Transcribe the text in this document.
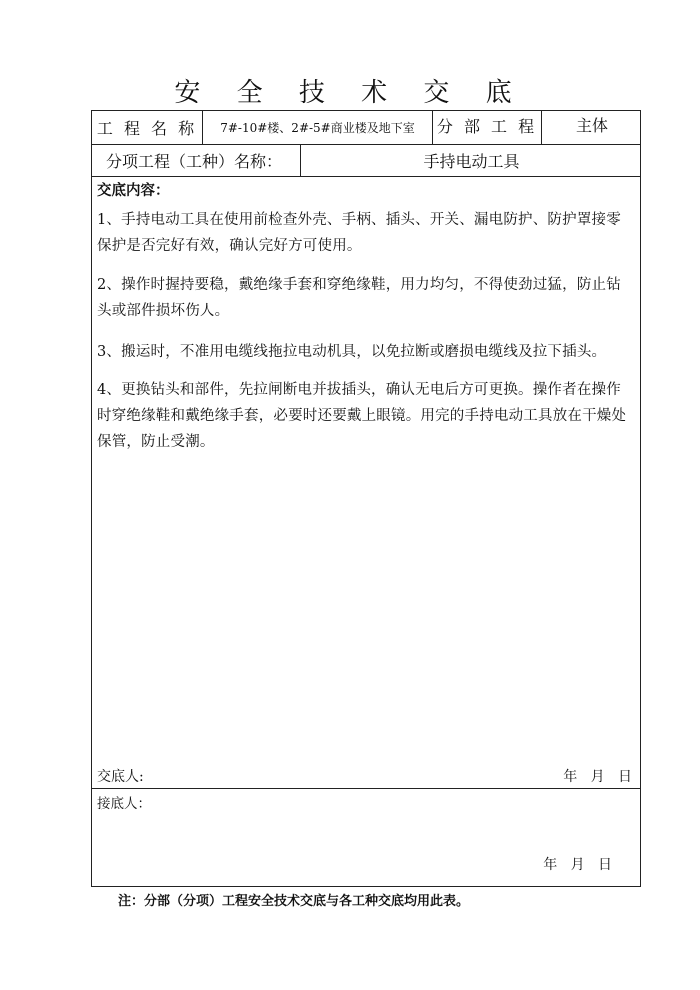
安 全 技 术 交 底
工 程 名 称	7#-10#楼、2#-5#商业楼及地下室	分 部 工 程	主体
分项工程（工种）名称：	手持电动工具
交底内容：
1、手持电动工具在使用前检查外壳、手柄、插头、开关、漏电防护、防护罩接零保护是否完好有效，确认完好方可使用。
2、操作时握持要稳，戴绝缘手套和穿绝缘鞋，用力均匀，不得使劲过猛，防止钻头或部件损坏伤人。
3、搬运时，不准用电缆线拖拉电动机具，以免拉断或磨损电缆线及拉下插头。
4、更换钻头和部件，先拉闸断电并拔插头，确认无电后方可更换。操作者在操作时穿绝缘鞋和戴绝缘手套，必要时还要戴上眼镜。用完的手持电动工具放在干燥处保管，防止受潮。
交底人:	年   月   日
接底人：
年   月   日
注：分部（分项）工程安全技术交底与各工种交底均用此表。
